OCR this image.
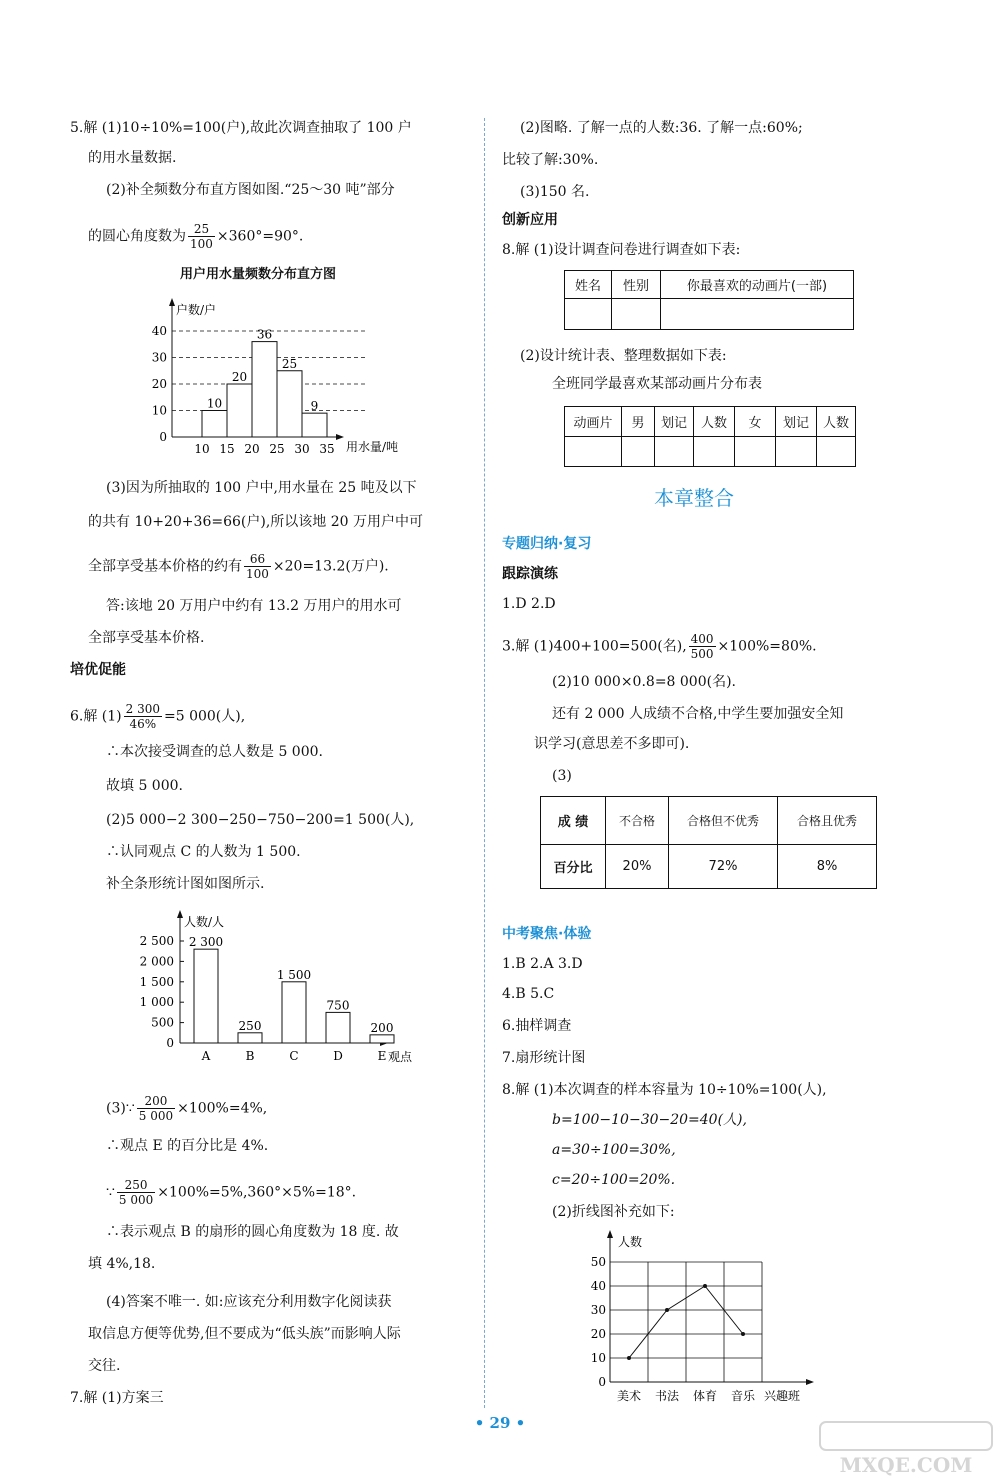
5.解 (1)10÷10%=100(户),故此次调查抽取了 100 户
的用水量数据.
(2)补全频数分布直方图如图.“25～30 吨”部分
的圆心角度数为 $\frac{25}{100} \times 360^\circ=90^\circ$.
用户用水量频数分布直方图
0
10
20
30
40
10
20
36
25
9
10 15 20 25 30 35
户数/户
用水量/吨
(3)因为所抽取的 100 户中,用水量在 25 吨及以下
的共有 10+20+36=66(户),所以该地 20 万用户中可
全部享受基本价格的约有 $\frac{66}{100} \times 20=13.2$(万户).
答:该地 20 万用户中约有 13.2 万用户的用水可
全部享受基本价格.
培优促能
6.解 $(1) \frac{2 300}{46\%} =5$ 000(人),
∴本次接受调查的总人数是 5 000.
故填 5 000.
(2)5 000−2 300−250−750−200=1 500(人),
∴认同观点 C 的人数为 1 500.
补全条形统计图如图所示.
0
500
1 000
1 500
2 000
2 500 2 300
A
250
B
1 500
C
750
D
200
E
人数/人
观点
(3)∵ $\frac{200}{5 000} \times 100\%=4\%$,
∴观点 E 的百分比是 4%.
∵ $\frac{250}{5 000} \times 100\%=5\%,360^\circ\times 5\%=18^\circ$.
∴表示观点 B 的扇形的圆心角度数为 18 度. 故
填 4%,18.
(4)答案不唯一. 如:应该充分利用数字化阅读获
取信息方便等优势,但不要成为“低头族”而影响人际
交往.
7.解 (1)方案三
(2)图略. 了解一点的人数:36. 了解一点:60%;
比较了解:30%.
(3)150 名.
创新应用
8.解 (1)设计调查问卷进行调查如下表:
姓名	性别	你最喜欢的动画片(一部)

(2)设计统计表、整理数据如下表:
全班同学最喜欢某部动画片分布表
动画片	男	划记	人数	女	划记	人数

本章整合
专题归纳·复习
跟踪演练
1.D 2.D
3.解 (1)400+100=500(名), $\frac{400}{500} \times 100\%=80\%$.
(2)10 000×0.8=8 000(名).
还有 2 000 人成绩不合格,中学生要加强安全知
识学习(意思差不多即可).
(3)
成 绩	不合格	合格但不优秀	合格且优秀
百分比	20%	72%	8%
中考聚焦·体验
1.B 2.A 3.D
4.B 5.C
6.抽样调查
7.扇形统计图
8.解 (1)本次调查的样本容量为 10÷10%=100(人),
b=100−10−30−20=40(人),
a=30÷100=30%,
c=20÷100=20%.
(2)折线图补充如下:
0
10
20
30
40
50
美术 书法 体育 音乐
人数
兴趣班
• 29 •
MXQE.COM
